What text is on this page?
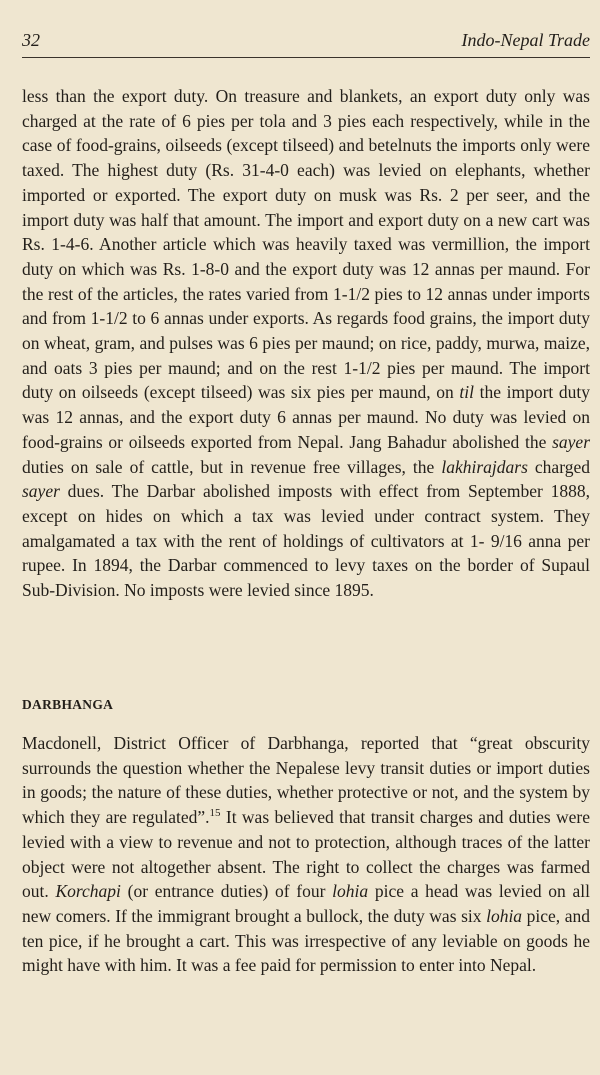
32	Indo-Nepal Trade

less than the export duty. On treasure and blankets, an export duty only was charged at the rate of 6 pies per tola and 3 pies each respectively, while in the case of food-grains, oilseeds (except tilseed) and betelnuts the imports only were taxed. The highest duty (Rs. 31-4-0 each) was levied on elephants, whether imported or exported. The export duty on musk was Rs. 2 per seer, and the import duty was half that amount. The import and export duty on a new cart was Rs. 1-4-6. Another article which was heavily taxed was vermillion, the import duty on which was Rs. 1-8-0 and the export duty was 12 annas per maund. For the rest of the articles, the rates varied from 1-1/2 pies to 12 annas under imports and from 1-1/2 to 6 annas under exports. As regards food grains, the import duty on wheat, gram, and pulses was 6 pies per maund; on rice, paddy, murwa, maize, and oats 3 pies per maund; and on the rest 1-1/2 pies per maund. The import duty on oilseeds (except tilseed) was six pies per maund, on til the import duty was 12 annas, and the export duty 6 annas per maund. No duty was levied on food-grains or oilseeds exported from Nepal. Jang Bahadur abolished the sayer duties on sale of cattle, but in revenue free villages, the lakhirajdars charged sayer dues. The Darbar abolished imposts with effect from September 1888, except on hides on which a tax was levied under contract system. They amalgamated a tax with the rent of holdings of cultivators at 1- 9/16 anna per rupee. In 1894, the Darbar commenced to levy taxes on the border of Supaul Sub-Division. No imposts were levied since 1895.

DARBHANGA

Macdonell, District Officer of Darbhanga, reported that “great obscurity surrounds the question whether the Nepalese levy transit duties or import duties in goods; the nature of these duties, whether protective or not, and the system by which they are regulated”.$^{15}$ It was believed that transit charges and duties were levied with a view to revenue and not to protection, although traces of the latter object were not altogether absent. The right to collect the charges was farmed out. Korchapi (or entrance duties) of four lohia pice a head was levied on all new comers. If the immigrant brought a bullock, the duty was six lohia pice, and ten pice, if he brought a cart. This was irrespective of any leviable on goods he might have with him. It was a fee paid for permission to enter into Nepal.
